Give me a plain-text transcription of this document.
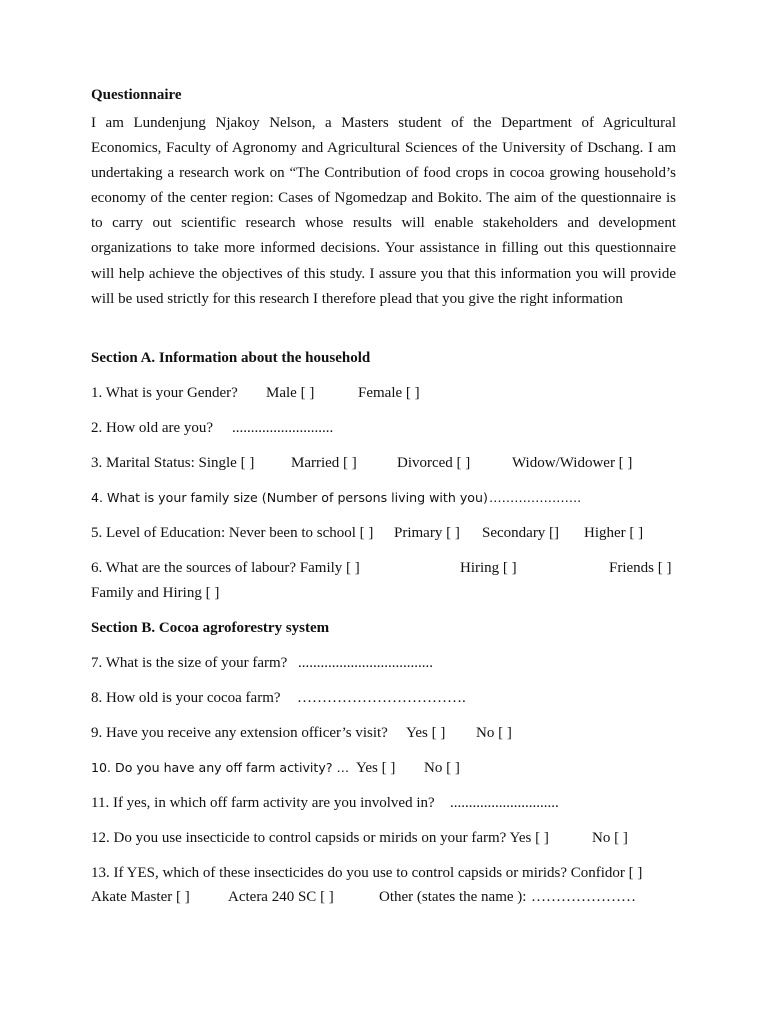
Questionnaire
I am Lundenjung Njakoy Nelson, a Masters student of the Department of Agricultural Economics, Faculty of Agronomy and Agricultural Sciences of the University of Dschang. I am undertaking a research work on “The Contribution of food crops in cocoa growing household’s economy of the center region: Cases of Ngomedzap and Bokito. The aim of the questionnaire is to carry out scientific research whose results will enable stakeholders and development organizations to take more informed decisions. Your assistance in filling out this questionnaire will help achieve the objectives of this study. I assure you that this information you will provide will be used strictly for this research I therefore plead that you give the right information
Section A. Information about the household
1. What is your Gender? Male [ ]	Female [ ]
2. How old are you? ...........................
3. Marital Status: Single [ ] Married [ ]	Divorced [ ]	Widow/Widower [ ]
4. What is your family size (Number of persons living with you) ………………….
5. Level of Education: Never been to school [ ] Primary [ ] Secondary [] Higher [ ]
6. What are the sources of labour? Family [ ]	Hiring [ ]	Friends [ ]
Family and Hiring [ ]
Section B. Cocoa agroforestry system
7. What is the size of your farm? ....................................
8. How old is your cocoa farm? …………………………….
9. Have you receive any extension officer’s visit? Yes [ ] No [ ]
10. Do you have any off farm activity? … Yes [ ] No [ ]
11. If yes, in which off farm activity are you involved in? .............................
12. Do you use insecticide to control capsids or mirids on your farm? Yes [ ]	No [ ]
13. If YES, which of these insecticides do you use to control capsids or mirids? Confidor [ ]
Akate Master [ ]	Actera 240 SC [ ]	Other (states the name ): …………………
